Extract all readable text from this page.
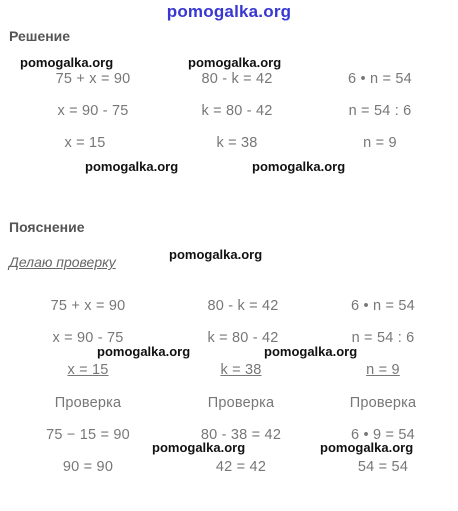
pomogalka.org
Решение
75 + x = 90	80 - k = 42	6 • n = 54
x = 90 - 75	k = 80 - 42	n = 54 : 6
x = 15	k = 38	n = 9
pomogalka.org	pomogalka.org
pomogalka.org	pomogalka.org
Пояснение
pomogalka.org
Делаю проверку
75 + x = 90	80 - k = 42	6 • n = 54
x = 90 - 75	k = 80 - 42	n = 54 : 6
x = 15	k = 38	n = 9
Проверка	Проверка	Проверка
75 − 15 = 90	80 - 38 = 42	6 • 9 = 54
90 = 90	42 = 42	54 = 54
pomogalka.org	pomogalka.org
pomogalka.org	pomogalka.org
